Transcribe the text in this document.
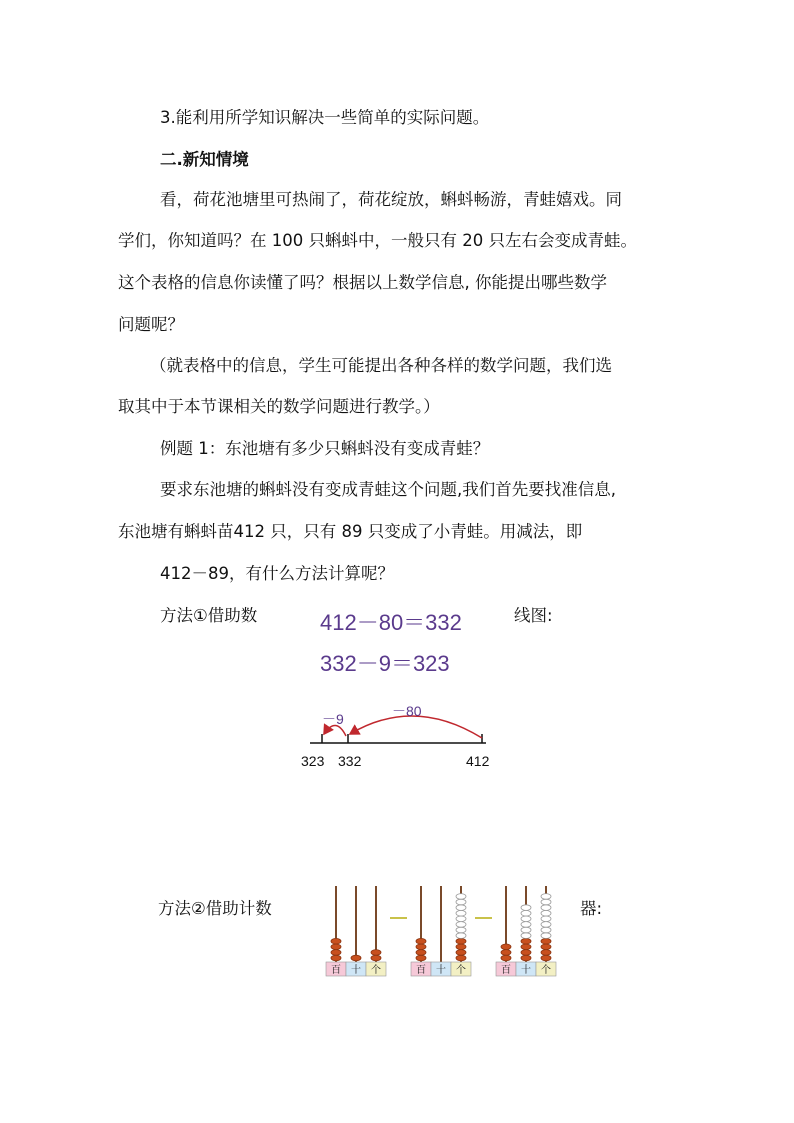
3.能利用所学知识解决一些简单的实际问题。
二.新知情境
看，荷花池塘里可热闹了，荷花绽放，蝌蚪畅游，青蛙嬉戏。同
学们，你知道吗？在 100 只蝌蚪中，一般只有 20 只左右会变成青蛙。
这个表格的信息你读懂了吗？根据以上数学信息, 你能提出哪些数学
问题呢？
（就表格中的信息，学生可能提出各种各样的数学问题，我们选
取其中于本节课相关的数学问题进行教学。）
例题 1：东池塘有多少只蝌蚪没有变成青蛙？
要求东池塘的蝌蚪没有变成青蛙这个问题,我们首先要找准信息,
东池塘有蝌蚪苗412 只，只有 89 只变成了小青蛙。用减法，即
412－89，有什么方法计算呢？
方法①借助数	412－80＝332	线图:
332－9＝323
－80
－9
323 332	412
方法②借助计数	器:
百 十 个	百 十 个	百 十 个
